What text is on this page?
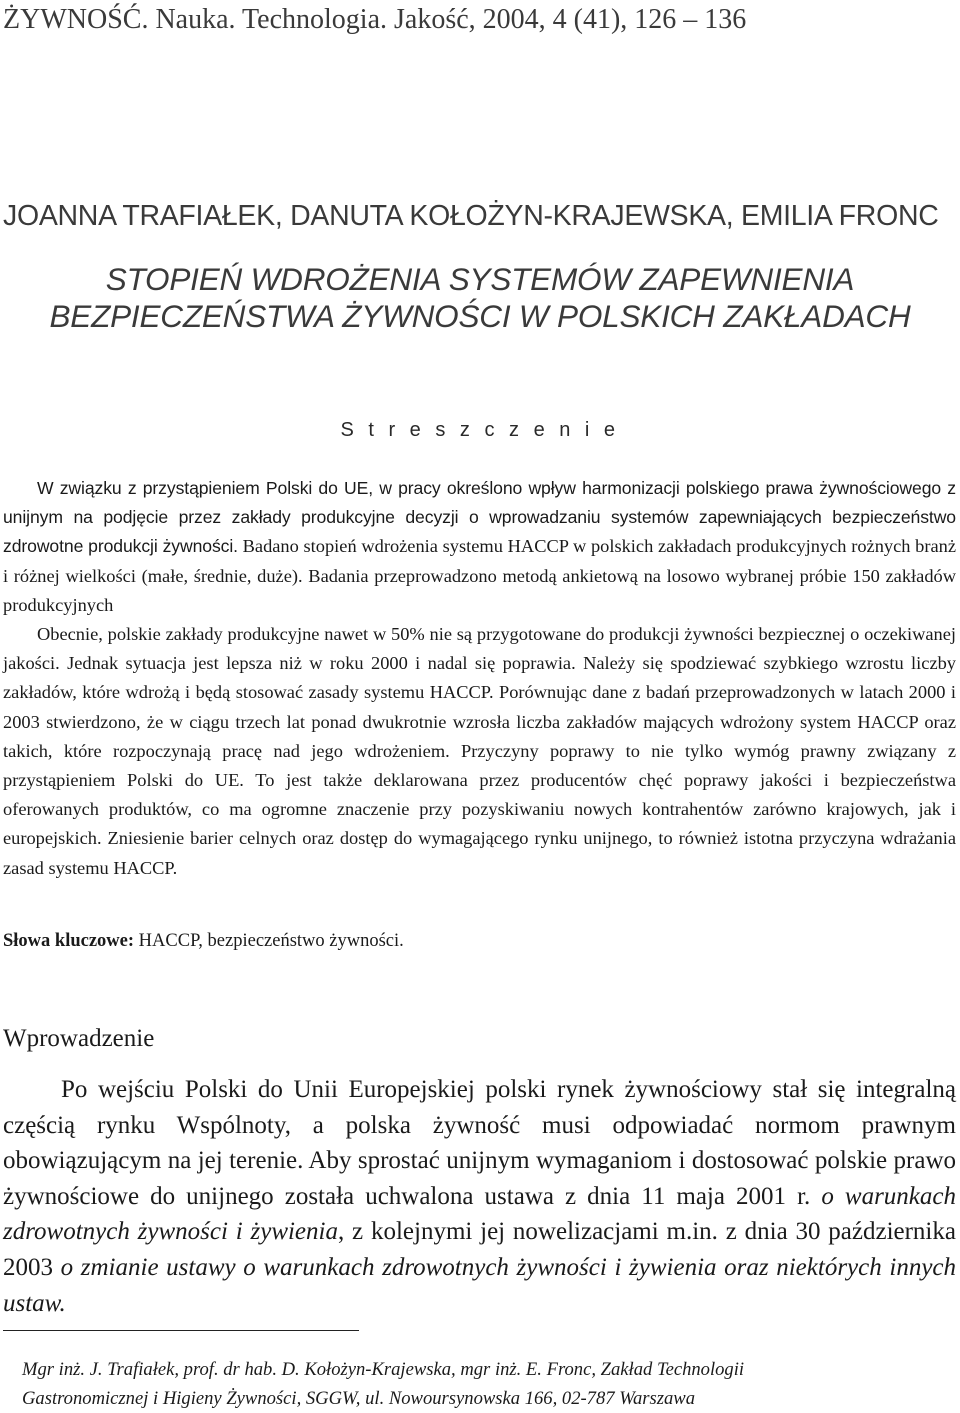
ŻYWNOŚĆ. Nauka. Technologia. Jakość, 2004, 4 (41), 126 – 136
JOANNA TRAFIAŁEK, DANUTA KOŁOŻYN-KRAJEWSKA, EMILIA FRONC
STOPIEŃ WDROŻENIA SYSTEMÓW ZAPEWNIENIA
BEZPIECZEŃSTWA ŻYWNOŚCI W POLSKICH ZAKŁADACH
S t r e s z c z e n i e

W związku z przystąpieniem Polski do UE, w pracy określono wpływ harmonizacji polskiego prawa żywnościowego z unijnym na podjęcie przez zakłady produkcyjne decyzji o wprowadzaniu systemów zapewniających bezpieczeństwo zdrowotne produkcji żywności. Badano stopień wdrożenia systemu HACCP w polskich zakładach produkcyjnych rożnych branż i różnej wielkości (małe, średnie, duże). Badania przeprowadzono metodą ankietową na losowo wybranej próbie 150 zakładów produkcyjnych

Obecnie, polskie zakłady produkcyjne nawet w 50% nie są przygotowane do produkcji żywności bezpiecznej o oczekiwanej jakości. Jednak sytuacja jest lepsza niż w roku 2000 i nadal się poprawia. Należy się spodziewać szybkiego wzrostu liczby zakładów, które wdrożą i będą stosować zasady systemu HACCP. Porównując dane z badań przeprowadzonych w latach 2000 i 2003 stwierdzono, że w ciągu trzech lat ponad dwukrotnie wzrosła liczba zakładów mających wdrożony system HACCP oraz takich, które rozpoczynają pracę nad jego wdrożeniem. Przyczyny poprawy to nie tylko wymóg prawny związany z przystąpieniem Polski do UE. To jest także deklarowana przez producentów chęć poprawy jakości i bezpieczeństwa oferowanych produktów, co ma ogromne znaczenie przy pozyskiwaniu nowych kontrahentów zarówno krajowych, jak i europejskich. Zniesienie barier celnych oraz dostęp do wymagającego rynku unijnego, to również istotna przyczyna wdrażania zasad systemu HACCP.

Słowa kluczowe: HACCP, bezpieczeństwo żywności.
Wprowadzenie

Po wejściu Polski do Unii Europejskiej polski rynek żywnościowy stał się integralną częścią rynku Wspólnoty, a polska żywność musi odpowiadać normom prawnym obowiązującym na jej terenie. Aby sprostać unijnym wymaganiom i dostosować polskie prawo żywnościowe do unijnego została uchwalona ustawa z dnia 11 maja 2001 r. o warunkach zdrowotnych żywności i żywienia, z kolejnymi jej nowelizacjami m.in. z dnia 30 października 2003 o zmianie ustawy o warunkach zdrowotnych żywności i żywienia oraz niektórych innych ustaw.

Mgr inż. J. Trafiałek, prof. dr hab. D. Kołożyn-Krajewska, mgr inż. E. Fronc, Zakład Technologii
Gastronomicznej i Higieny Żywności, SGGW, ul. Nowoursynowska 166, 02-787 Warszawa
